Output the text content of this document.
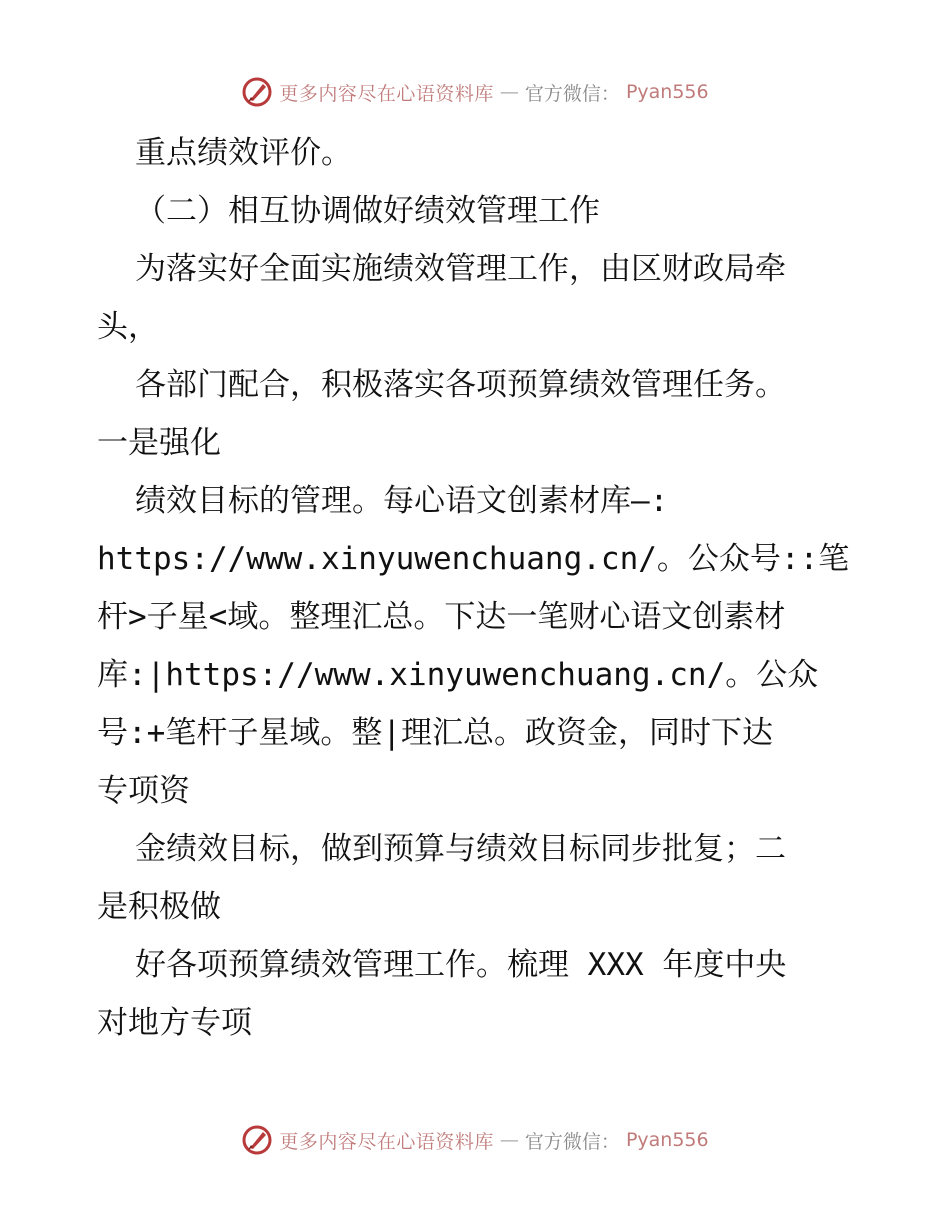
更多内容尽在心语资料库 — 官方微信： Pyan556
重点绩效评价。
（二）相互协调做好绩效管理工作
为落实好全面实施绩效管理工作，由区财政局牵
头，
各部门配合，积极落实各项预算绩效管理任务。
一是强化
绩效目标的管理。每心语文创素材库—:
https://www.xinyuwenchuang.cn/。公众号::笔
杆>子星<域。整理汇总。下达一笔财心语文创素材
库:|https://www.xinyuwenchuang.cn/。公众
号:+笔杆子星域。整|理汇总。政资金，同时下达
专项资
金绩效目标，做到预算与绩效目标同步批复；二
是积极做
好各项预算绩效管理工作。梳理 XXX 年度中央
对地方专项
更多内容尽在心语资料库 — 官方微信： Pyan556
